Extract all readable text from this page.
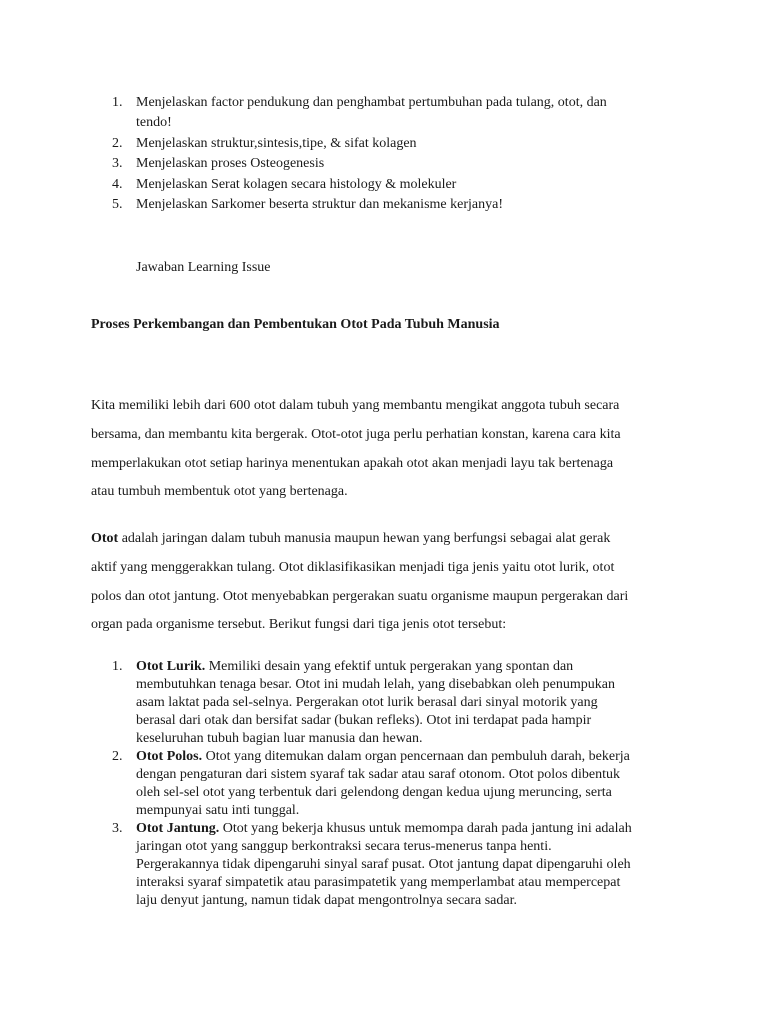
1. Menjelaskan factor pendukung dan penghambat pertumbuhan pada tulang, otot, dan
tendo!
2. Menjelaskan struktur,sintesis,tipe, & sifat kolagen
3. Menjelaskan proses Osteogenesis
4. Menjelaskan Serat kolagen secara histology & molekuler
5. Menjelaskan Sarkomer beserta struktur dan mekanisme kerjanya!
Jawaban Learning Issue
Proses Perkembangan dan Pembentukan Otot Pada Tubuh Manusia
Kita memiliki lebih dari 600 otot dalam tubuh yang membantu mengikat anggota tubuh secara
bersama, dan membantu kita bergerak. Otot-otot juga perlu perhatian konstan, karena cara kita
memperlakukan otot setiap harinya menentukan apakah otot akan menjadi layu tak bertenaga
atau tumbuh membentuk otot yang bertenaga.
Otot adalah jaringan dalam tubuh manusia maupun hewan yang berfungsi sebagai alat gerak
aktif yang menggerakkan tulang. Otot diklasifikasikan menjadi tiga jenis yaitu otot lurik, otot
polos dan otot jantung. Otot menyebabkan pergerakan suatu organisme maupun pergerakan dari
organ pada organisme tersebut. Berikut fungsi dari tiga jenis otot tersebut:
1. Otot Lurik. Memiliki desain yang efektif untuk pergerakan yang spontan dan
membutuhkan tenaga besar. Otot ini mudah lelah, yang disebabkan oleh penumpukan
asam laktat pada sel-selnya. Pergerakan otot lurik berasal dari sinyal motorik yang
berasal dari otak dan bersifat sadar (bukan refleks). Otot ini terdapat pada hampir
keseluruhan tubuh bagian luar manusia dan hewan.
2. Otot Polos. Otot yang ditemukan dalam organ pencernaan dan pembuluh darah, bekerja
dengan pengaturan dari sistem syaraf tak sadar atau saraf otonom. Otot polos dibentuk
oleh sel-sel otot yang terbentuk dari gelendong dengan kedua ujung meruncing, serta
mempunyai satu inti tunggal.
3. Otot Jantung. Otot yang bekerja khusus untuk memompa darah pada jantung ini adalah
jaringan otot yang sanggup berkontraksi secara terus-menerus tanpa henti.
Pergerakannya tidak dipengaruhi sinyal saraf pusat. Otot jantung dapat dipengaruhi oleh
interaksi syaraf simpatetik atau parasimpatetik yang memperlambat atau mempercepat
laju denyut jantung, namun tidak dapat mengontrolnya secara sadar.
